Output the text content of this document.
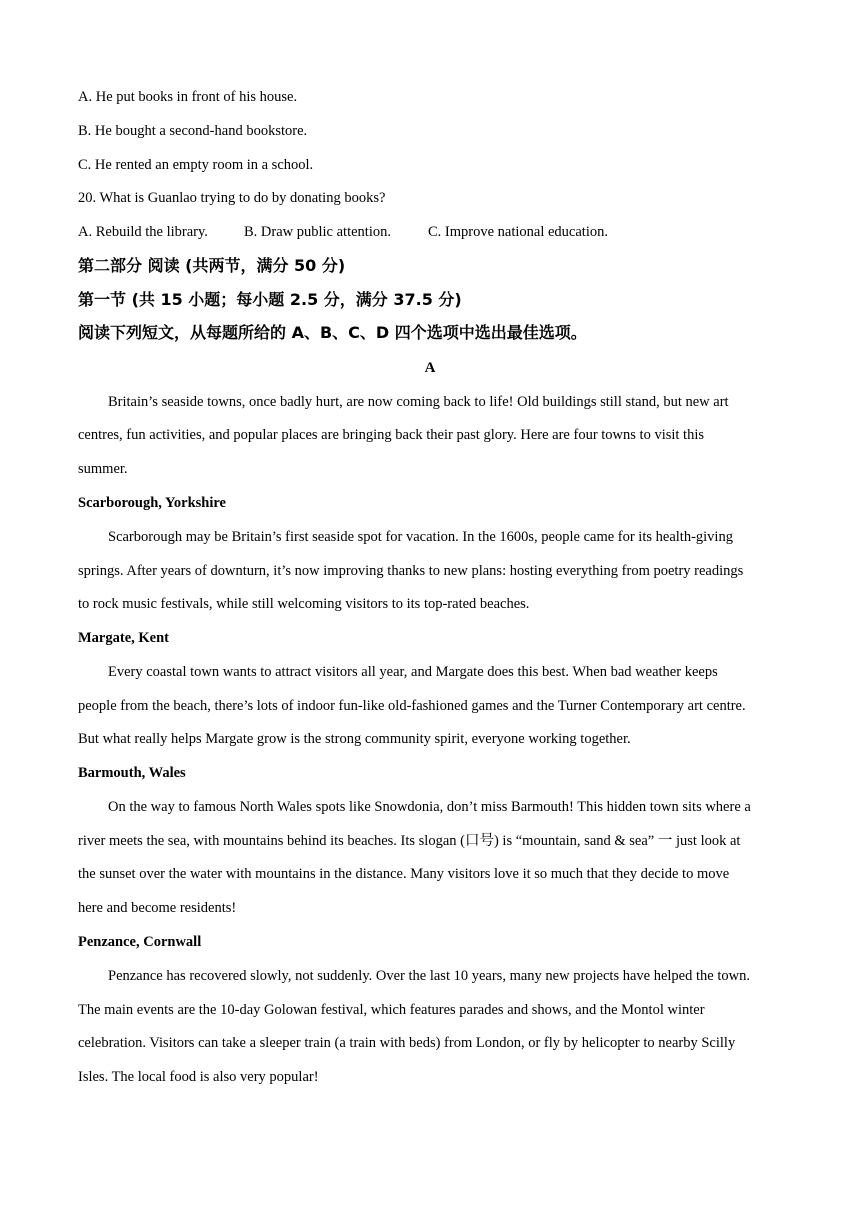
A. He put books in front of his house.
B. He bought a second-hand bookstore.
C. He rented an empty room in a school.
20. What is Guanlao trying to do by donating books?
A. Rebuild the library. B. Draw public attention.	C. Improve national education.
第二部分 阅读 (共两节，满分 50 分)
第一节 (共 15 小题；每小题 2.5 分，满分 37.5 分)
阅读下列短文，从每题所给的 A、B、C、D 四个选项中选出最佳选项。
A
Britain’s seaside towns, once badly hurt, are now coming back to life! Old buildings still stand, but new art
centres, fun activities, and popular places are bringing back their past glory. Here are four towns to visit this
summer.
Scarborough, Yorkshire
Scarborough may be Britain’s first seaside spot for vacation. In the 1600s, people came for its health-giving
springs. After years of downturn, it’s now improving thanks to new plans: hosting everything from poetry readings
to rock music festivals, while still welcoming visitors to its top-rated beaches.
Margate, Kent
Every coastal town wants to attract visitors all year, and Margate does this best. When bad weather keeps
people from the beach, there’s lots of indoor fun-like old-fashioned games and the Turner Contemporary art centre.
But what really helps Margate grow is the strong community spirit, everyone working together.
Barmouth, Wales
On the way to famous North Wales spots like Snowdonia, don’t miss Barmouth! This hidden town sits where a
river meets the sea, with mountains behind its beaches. Its slogan (口号) is “mountain, sand & sea” 一 just look at
the sunset over the water with mountains in the distance. Many visitors love it so much that they decide to move
here and become residents!
Penzance, Cornwall
Penzance has recovered slowly, not suddenly. Over the last 10 years, many new projects have helped the town.
The main events are the 10-day Golowan festival, which features parades and shows, and the Montol winter
celebration. Visitors can take a sleeper train (a train with beds) from London, or fly by helicopter to nearby Scilly
Isles. The local food is also very popular!
